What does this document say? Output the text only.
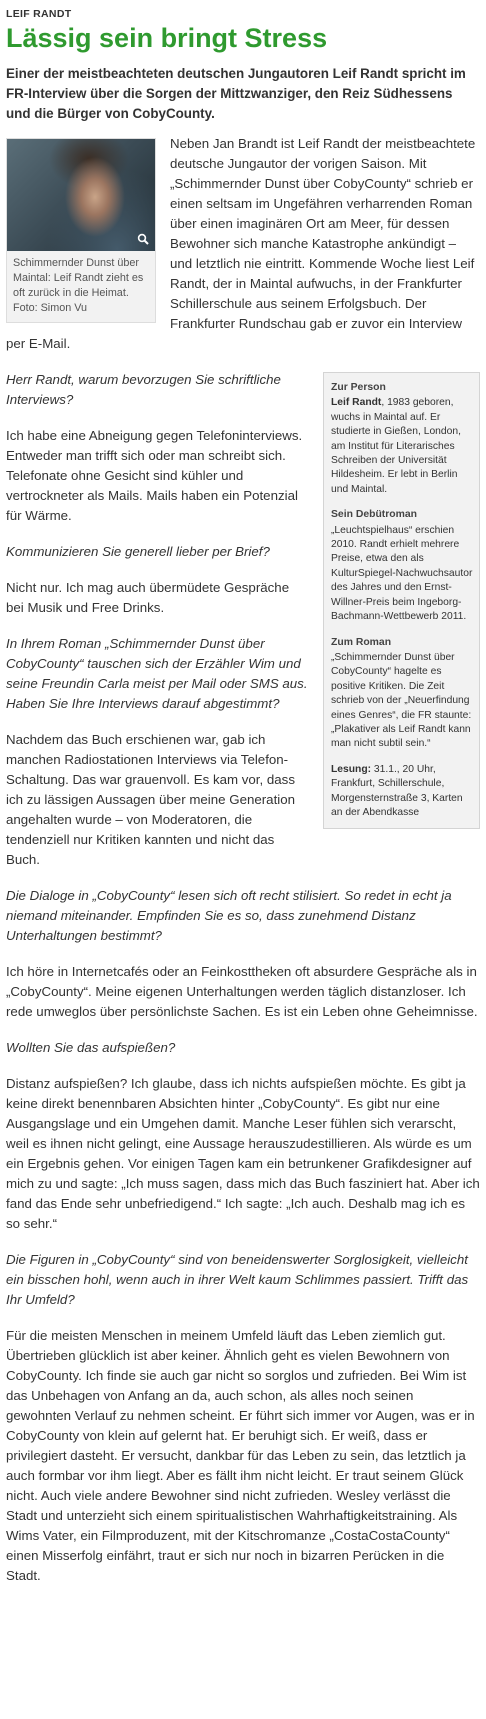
LEIF RANDT
Lässig sein bringt Stress
Einer der meistbeachteten deutschen Jungautoren Leif Randt spricht im FR-Interview über die Sorgen der Mittzwanziger, den Reiz Südhessens und die Bürger von CobyCounty.
Schimmernder Dunst über Maintal: Leif Randt zieht es oft zurück in die Heimat. Foto: Simon Vu
Neben Jan Brandt ist Leif Randt der meistbeachtete deutsche Jungautor der vorigen Saison. Mit „Schimmernder Dunst über CobyCounty“ schrieb er einen seltsam im Ungefähren verharrenden Roman über einen imaginären Ort am Meer, für dessen Bewohner sich manche Katastrophe ankündigt – und letztlich nie eintritt. Kommende Woche liest Leif Randt, der in Maintal aufwuchs, in der Frankfurter Schillerschule aus seinem Erfolgsbuch. Der Frankfurter Rundschau gab er zuvor ein Interview per E-Mail.
Zur Person
Leif Randt, 1983 geboren, wuchs in Maintal auf. Er studierte in Gießen, London, am Institut für Literarisches Schreiben der Universität Hildesheim. Er lebt in Berlin und Maintal.
Sein Debütroman
„Leuchtspielhaus“ erschien 2010. Randt erhielt mehrere Preise, etwa den als KulturSpiegel-Nachwuchsautor des Jahres und den Ernst-Willner-Preis beim Ingeborg-Bachmann-Wettbewerb 2011.
Zum Roman
„Schimmernder Dunst über CobyCounty“ hagelte es positive Kritiken. Die Zeit schrieb von der „Neuerfindung eines Genres“, die FR staunte: „Plakativer als Leif Randt kann man nicht subtil sein.“
Lesung: 31.1., 20 Uhr, Frankfurt, Schillerschule, Morgensternstraße 3, Karten an der Abendkasse
Herr Randt, warum bevorzugen Sie schriftliche Interviews?
Ich habe eine Abneigung gegen Telefoninterviews. Entweder man trifft sich oder man schreibt sich. Telefonate ohne Gesicht sind kühler und vertrockneter als Mails. Mails haben ein Potenzial für Wärme.
Kommunizieren Sie generell lieber per Brief?
Nicht nur. Ich mag auch übermüdete Gespräche bei Musik und Free Drinks.
In Ihrem Roman „Schimmernder Dunst über CobyCounty“ tauschen sich der Erzähler Wim und seine Freundin Carla meist per Mail oder SMS aus. Haben Sie Ihre Interviews darauf abgestimmt?
Nachdem das Buch erschienen war, gab ich manchen Radiostationen Interviews via Telefon-Schaltung. Das war grauenvoll. Es kam vor, dass ich zu lässigen Aussagen über meine Generation angehalten wurde – von Moderatoren, die tendenziell nur Kritiken kannten und nicht das Buch.
Die Dialoge in „CobyCounty“ lesen sich oft recht stilisiert. So redet in echt ja niemand miteinander. Empfinden Sie es so, dass zunehmend Distanz Unterhaltungen bestimmt?
Ich höre in Internetcafés oder an Feinkosttheken oft absurdere Gespräche als in „CobyCounty“. Meine eigenen Unterhaltungen werden täglich distanzloser. Ich rede umweglos über persönlichste Sachen. Es ist ein Leben ohne Geheimnisse.
Wollten Sie das aufspießen?
Distanz aufspießen? Ich glaube, dass ich nichts aufspießen möchte. Es gibt ja keine direkt benennbaren Absichten hinter „CobyCounty“. Es gibt nur eine Ausgangslage und ein Umgehen damit. Manche Leser fühlen sich verarscht, weil es ihnen nicht gelingt, eine Aussage herauszudestillieren. Als würde es um ein Ergebnis gehen. Vor einigen Tagen kam ein betrunkener Grafikdesigner auf mich zu und sagte: „Ich muss sagen, dass mich das Buch fasziniert hat. Aber ich fand das Ende sehr unbefriedigend.“ Ich sagte: „Ich auch. Deshalb mag ich es so sehr.“
Die Figuren in „CobyCounty“ sind von beneidenswerter Sorglosigkeit, vielleicht ein bisschen hohl, wenn auch in ihrer Welt kaum Schlimmes passiert. Trifft das Ihr Umfeld?
Für die meisten Menschen in meinem Umfeld läuft das Leben ziemlich gut. Übertrieben glücklich ist aber keiner. Ähnlich geht es vielen Bewohnern von CobyCounty. Ich finde sie auch gar nicht so sorglos und zufrieden. Bei Wim ist das Unbehagen von Anfang an da, auch schon, als alles noch seinen gewohnten Verlauf zu nehmen scheint. Er führt sich immer vor Augen, was er in CobyCounty von klein auf gelernt hat. Er beruhigt sich. Er weiß, dass er privilegiert dasteht. Er versucht, dankbar für das Leben zu sein, das letztlich ja auch formbar vor ihm liegt. Aber es fällt ihm nicht leicht. Er traut seinem Glück nicht. Auch viele andere Bewohner sind nicht zufrieden. Wesley verlässt die Stadt und unterzieht sich einem spiritualistischen Wahrhaftigkeitstraining. Als Wims Vater, ein Filmproduzent, mit der Kitschromanze „CostaCostaCounty“ einen Misserfolg einfährt, traut er sich nur noch in bizarren Perücken in die Stadt.
